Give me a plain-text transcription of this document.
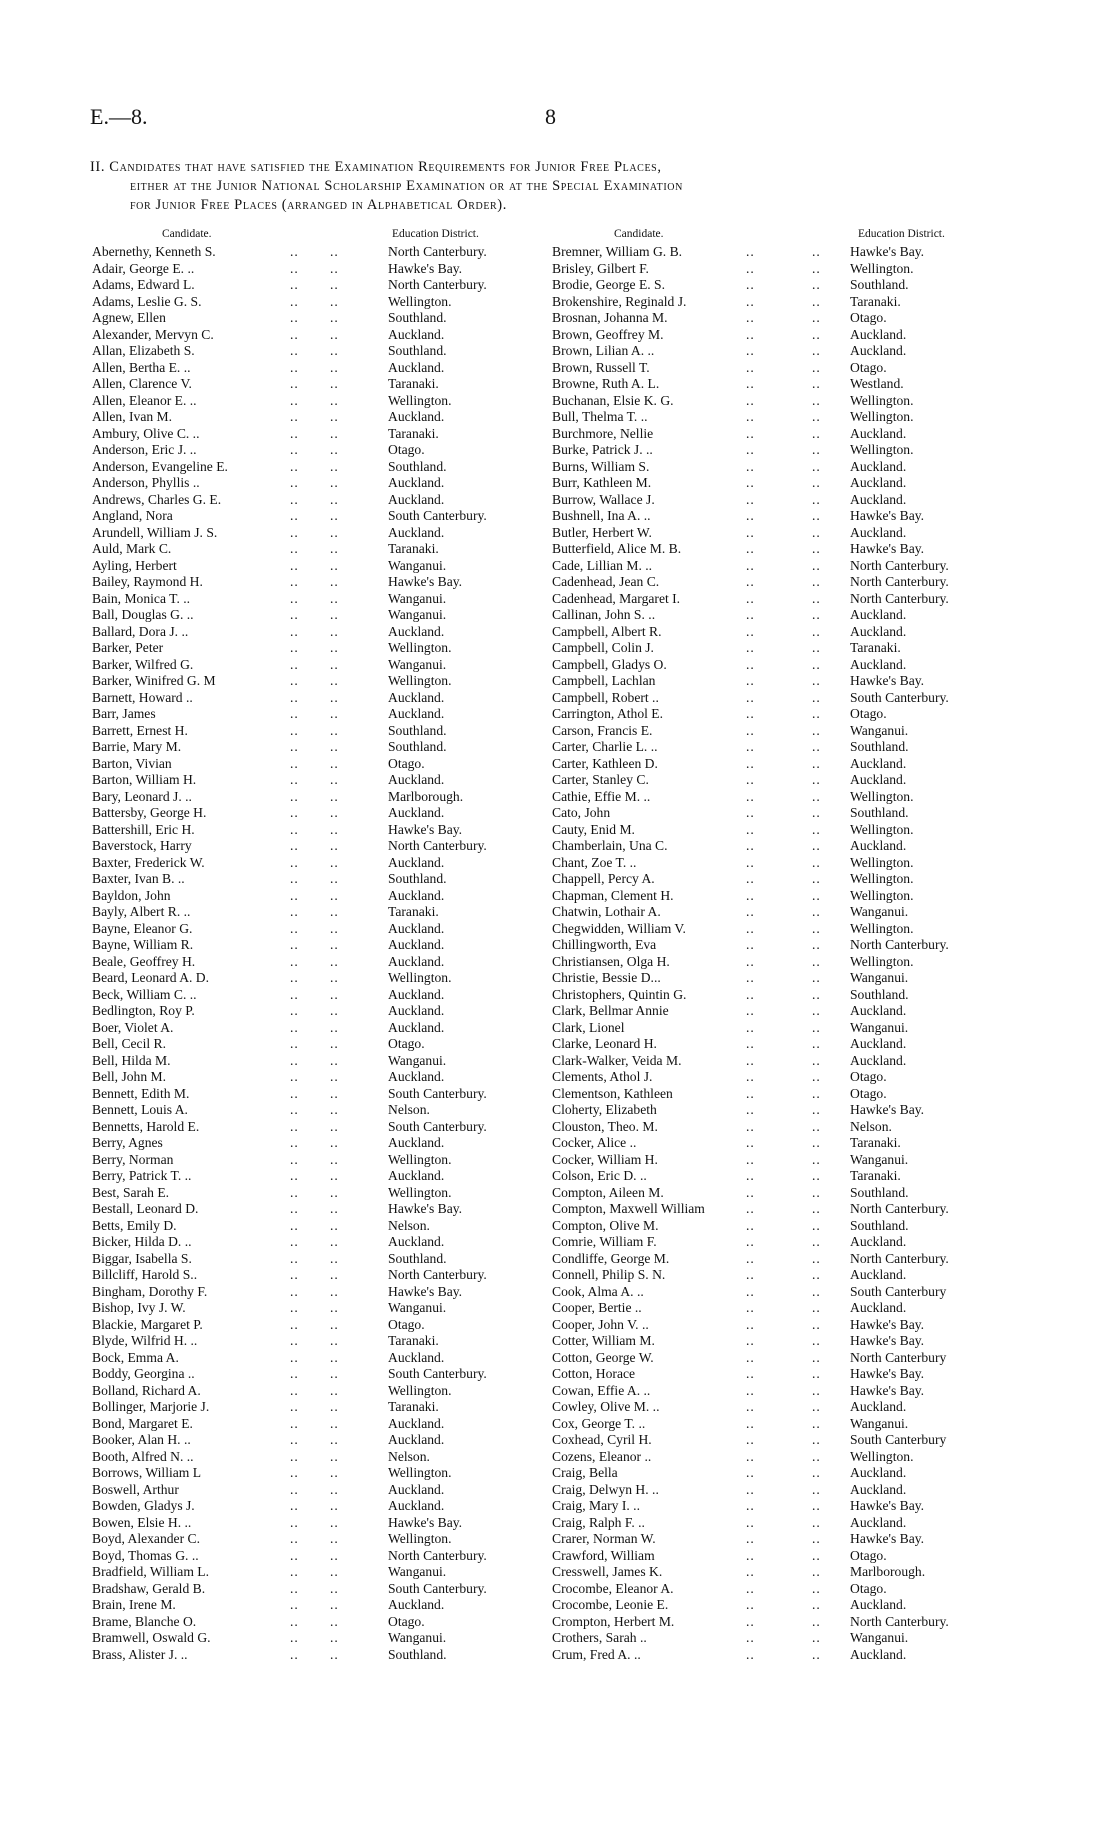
E.—8.	8
II. Candidates that have satisfied the Examination Requirements for Junior Free Places,
either at the Junior National Scholarship Examination or at the Special Examination
for Junior Free Places (arranged in Alphabetical Order).
Candidate.	Education District.
Abernethy, Kenneth S.	.. ..	North Canterbury.
Adair, George E. ..	.. ..	Hawke's Bay.
Adams, Edward L.	.. ..	North Canterbury.
Adams, Leslie G. S.	.. ..	Wellington.
Agnew, Ellen	.. ..	Southland.
Alexander, Mervyn C.	.. ..	Auckland.
Allan, Elizabeth S.	.. ..	Southland.
Allen, Bertha E. ..	.. ..	Auckland.
Allen, Clarence V.	.. ..	Taranaki.
Allen, Eleanor E. ..	.. ..	Wellington.
Allen, Ivan M.	.. ..	Auckland.
Ambury, Olive C. ..	.. ..	Taranaki.
Anderson, Eric J. ..	.. ..	Otago.
Anderson, Evangeline E.	.. ..	Southland.
Anderson, Phyllis ..	.. ..	Auckland.
Andrews, Charles G. E.	.. ..	Auckland.
Angland, Nora	.. ..	South Canterbury.
Arundell, William J. S.	.. ..	Auckland.
Auld, Mark C.	.. ..	Taranaki.
Ayling, Herbert	.. ..	Wanganui.
Bailey, Raymond H.	.. ..	Hawke's Bay.
Bain, Monica T. ..	.. ..	Wanganui.
Ball, Douglas G. ..	.. ..	Wanganui.
Ballard, Dora J. ..	.. ..	Auckland.
Barker, Peter	.. ..	Wellington.
Barker, Wilfred G.	.. ..	Wanganui.
Barker, Winifred G. M	.. ..	Wellington.
Barnett, Howard ..	.. ..	Auckland.
Barr, James	.. ..	Auckland.
Barrett, Ernest H.	.. ..	Southland.
Barrie, Mary M.	.. ..	Southland.
Barton, Vivian	.. ..	Otago.
Barton, William H.	.. ..	Auckland.
Bary, Leonard J. ..	.. ..	Marlborough.
Battersby, George H.	.. ..	Auckland.
Battershill, Eric H.	.. ..	Hawke's Bay.
Baverstock, Harry	.. ..	North Canterbury.
Baxter, Frederick W.	.. ..	Auckland.
Baxter, Ivan B. ..	.. ..	Southland.
Bayldon, John	.. ..	Auckland.
Bayly, Albert R. ..	.. ..	Taranaki.
Bayne, Eleanor G.	.. ..	Auckland.
Bayne, William R.	.. ..	Auckland.
Beale, Geoffrey H.	.. ..	Auckland.
Beard, Leonard A. D.	.. ..	Wellington.
Beck, William C. ..	.. ..	Auckland.
Bedlington, Roy P.	.. ..	Auckland.
Boer, Violet A.	.. ..	Auckland.
Bell, Cecil R.	.. ..	Otago.
Bell, Hilda M.	.. ..	Wanganui.
Bell, John M.	.. ..	Auckland.
Bennett, Edith M.	.. ..	South Canterbury.
Bennett, Louis A.	.. ..	Nelson.
Bennetts, Harold E.	.. ..	South Canterbury.
Berry, Agnes	.. ..	Auckland.
Berry, Norman	.. ..	Wellington.
Berry, Patrick T. ..	.. ..	Auckland.
Best, Sarah E.	.. ..	Wellington.
Bestall, Leonard D.	.. ..	Hawke's Bay.
Betts, Emily D.	.. ..	Nelson.
Bicker, Hilda D. ..	.. ..	Auckland.
Biggar, Isabella S.	.. ..	Southland.
Billcliff, Harold S..	.. ..	North Canterbury.
Bingham, Dorothy F.	.. ..	Hawke's Bay.
Bishop, Ivy J. W.	.. ..	Wanganui.
Blackie, Margaret P.	.. ..	Otago.
Blyde, Wilfrid H. ..	.. ..	Taranaki.
Bock, Emma A.	.. ..	Auckland.
Boddy, Georgina ..	.. ..	South Canterbury.
Bolland, Richard A.	.. ..	Wellington.
Bollinger, Marjorie J.	.. ..	Taranaki.
Bond, Margaret E.	.. ..	Auckland.
Booker, Alan H. ..	.. ..	Auckland.
Booth, Alfred N. ..	.. ..	Nelson.
Borrows, William L	.. ..	Wellington.
Boswell, Arthur	.. ..	Auckland.
Bowden, Gladys J.	.. ..	Auckland.
Bowen, Elsie H. ..	.. ..	Hawke's Bay.
Boyd, Alexander C.	.. ..	Wellington.
Boyd, Thomas G. ..	.. ..	North Canterbury.
Bradfield, William L.	.. ..	Wanganui.
Bradshaw, Gerald B.	.. ..	South Canterbury.
Brain, Irene M.	.. ..	Auckland.
Brame, Blanche O.	.. ..	Otago.
Bramwell, Oswald G.	.. ..	Wanganui.
Brass, Alister J. ..	.. ..	Southland.
Candidate.	Education District.
Bremner, William G. B.	..	.. Hawke's Bay.
Brisley, Gilbert F.	..	.. Wellington.
Brodie, George E. S.	..	.. Southland.
Brokenshire, Reginald J.	..	.. Taranaki.
Brosnan, Johanna M.	..	.. Otago.
Brown, Geoffrey M.	..	.. Auckland.
Brown, Lilian A. ..	..	.. Auckland.
Brown, Russell T.	..	.. Otago.
Browne, Ruth A. L.	..	.. Westland.
Buchanan, Elsie K. G.	..	.. Wellington.
Bull, Thelma T. ..	..	.. Wellington.
Burchmore, Nellie	..	.. Auckland.
Burke, Patrick J. ..	..	.. Wellington.
Burns, William S.	..	.. Auckland.
Burr, Kathleen M.	..	.. Auckland.
Burrow, Wallace J.	..	.. Auckland.
Bushnell, Ina A. ..	..	.. Hawke's Bay.
Butler, Herbert W.	..	.. Auckland.
Butterfield, Alice M. B.	..	.. Hawke's Bay.
Cade, Lillian M. ..	..	.. North Canterbury.
Cadenhead, Jean C.	..	.. North Canterbury.
Cadenhead, Margaret I.	..	.. North Canterbury.
Callinan, John S. ..	..	.. Auckland.
Campbell, Albert R.	..	.. Auckland.
Campbell, Colin J.	..	.. Taranaki.
Campbell, Gladys O.	..	.. Auckland.
Campbell, Lachlan	..	.. Hawke's Bay.
Campbell, Robert ..	..	.. South Canterbury.
Carrington, Athol E.	..	.. Otago.
Carson, Francis E.	..	.. Wanganui.
Carter, Charlie L. ..	..	.. Southland.
Carter, Kathleen D.	..	.. Auckland.
Carter, Stanley C.	..	.. Auckland.
Cathie, Effie M. ..	..	.. Wellington.
Cato, John	..	.. Southland.
Cauty, Enid M.	..	.. Wellington.
Chamberlain, Una C.	..	.. Auckland.
Chant, Zoe T. ..	..	.. Wellington.
Chappell, Percy A.	..	.. Wellington.
Chapman, Clement H.	..	.. Wellington.
Chatwin, Lothair A.	..	.. Wanganui.
Chegwidden, William V.	..	.. Wellington.
Chillingworth, Eva	..	.. North Canterbury.
Christiansen, Olga H.	..	.. Wellington.
Christie, Bessie D...	..	.. Wanganui.
Christophers, Quintin G.	..	.. Southland.
Clark, Bellmar Annie	..	.. Auckland.
Clark, Lionel	..	.. Wanganui.
Clarke, Leonard H.	..	.. Auckland.
Clark-Walker, Veida M.	..	.. Auckland.
Clements, Athol J.	..	.. Otago.
Clementson, Kathleen	..	.. Otago.
Cloherty, Elizabeth	..	.. Hawke's Bay.
Clouston, Theo. M.	..	.. Nelson.
Cocker, Alice ..	..	.. Taranaki.
Cocker, William H.	..	.. Wanganui.
Colson, Eric D. ..	..	.. Taranaki.
Compton, Aileen M.	..	.. Southland.
Compton, Maxwell William	..	.. North Canterbury.
Compton, Olive M.	..	.. Southland.
Comrie, William F.	..	.. Auckland.
Condliffe, George M.	..	.. North Canterbury.
Connell, Philip S. N.	..	.. Auckland.
Cook, Alma A. ..	..	.. South Canterbury
Cooper, Bertie ..	..	.. Auckland.
Cooper, John V. ..	..	.. Hawke's Bay.
Cotter, William M.	..	.. Hawke's Bay.
Cotton, George W.	..	.. North Canterbury
Cotton, Horace	..	.. Hawke's Bay.
Cowan, Effie A. ..	..	.. Hawke's Bay.
Cowley, Olive M. ..	..	.. Auckland.
Cox, George T. ..	..	.. Wanganui.
Coxhead, Cyril H.	..	.. South Canterbury
Cozens, Eleanor ..	..	.. Wellington.
Craig, Bella	..	.. Auckland.
Craig, Delwyn H. ..	..	.. Auckland.
Craig, Mary I. ..	..	.. Hawke's Bay.
Craig, Ralph F. ..	..	.. Auckland.
Crarer, Norman W.	..	.. Hawke's Bay.
Crawford, William	..	.. Otago.
Cresswell, James K.	..	.. Marlborough.
Crocombe, Eleanor A.	..	.. Otago.
Crocombe, Leonie E.	..	.. Auckland.
Crompton, Herbert M.	..	.. North Canterbury.
Crothers, Sarah ..	..	.. Wanganui.
Crum, Fred A. ..	..	.. Auckland.
